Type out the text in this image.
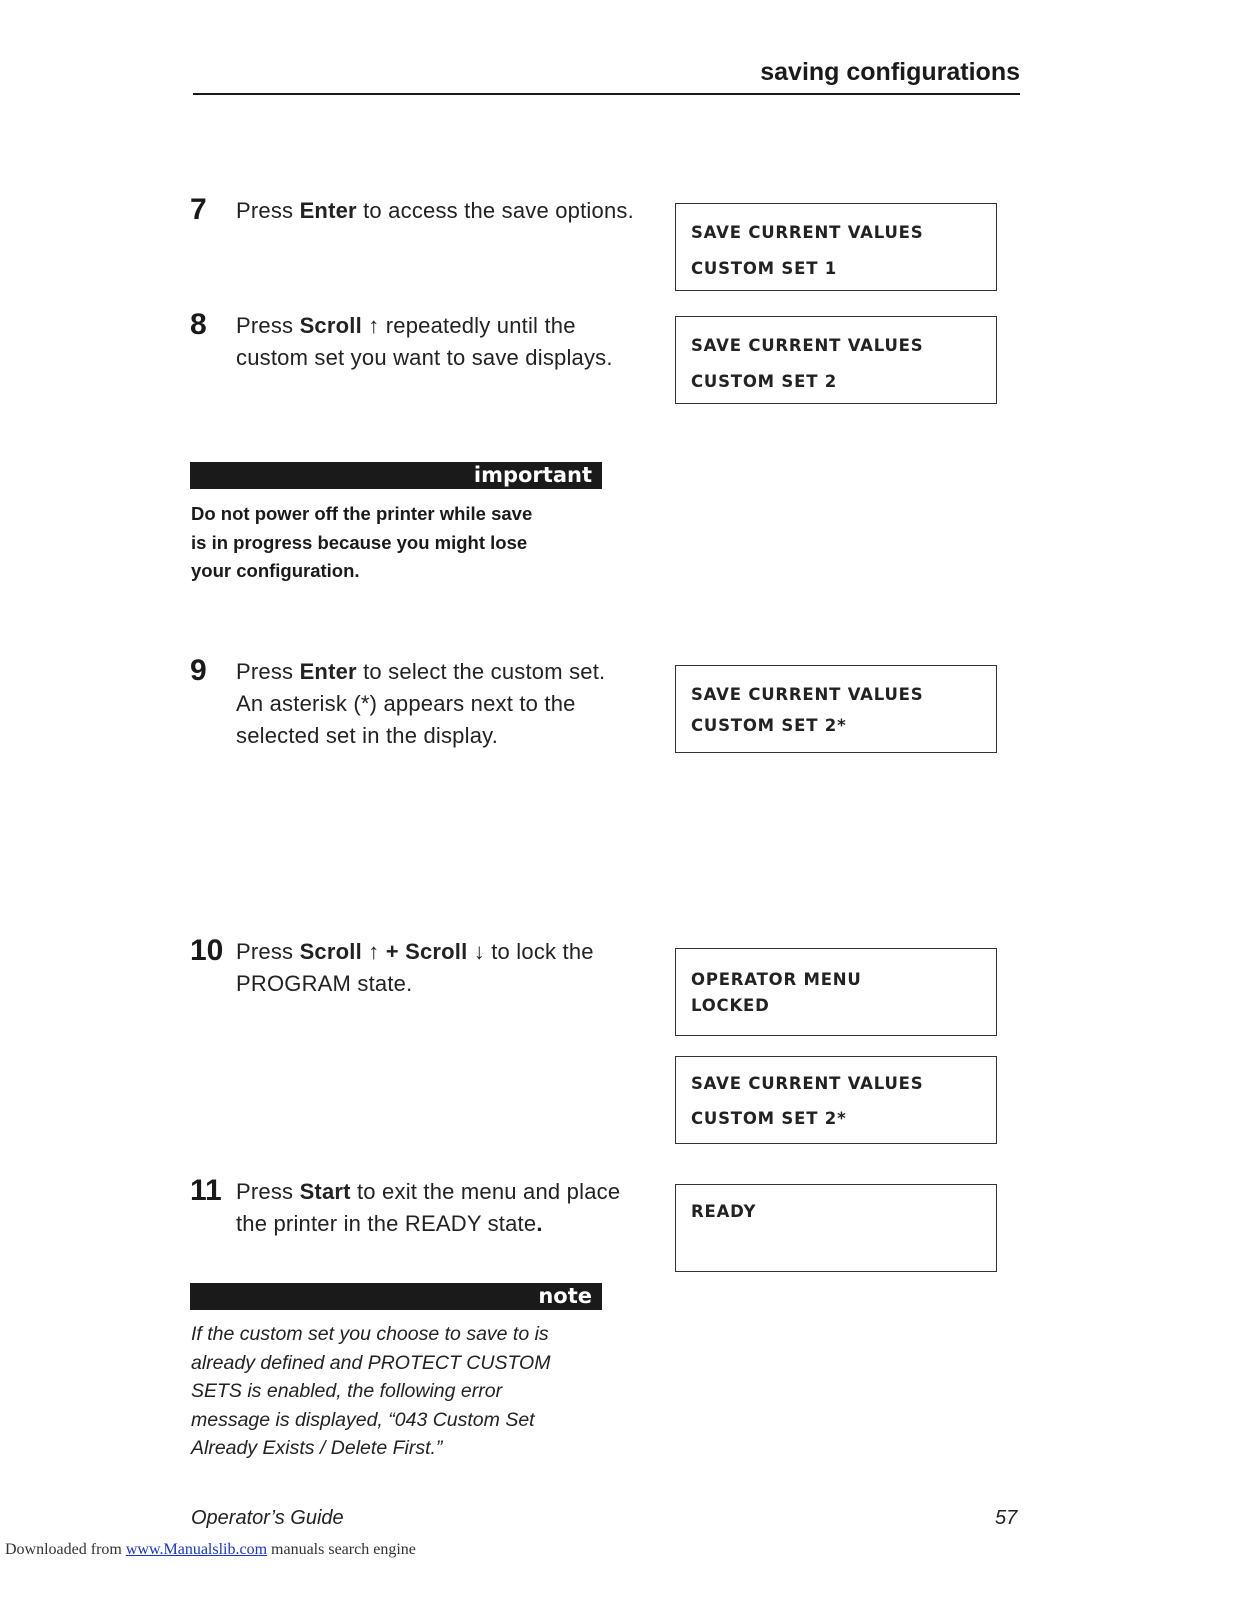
saving configurations
7 Press Enter to access the save options.
8 Press Scroll ↑ repeatedly until the
custom set you want to save displays.
SAVE CURRENT VALUES
CUSTOM SET 1
SAVE CURRENT VALUES
CUSTOM SET 2
important
Do not power off the printer while save
is in progress because you might lose
your configuration.
9 Press Enter to select the custom set.
An asterisk (*) appears next to the
selected set in the display.
SAVE CURRENT VALUES
CUSTOM SET 2*
10 Press Scroll ↑ + Scroll ↓ to lock the
PROGRAM state.	OPERATOR MENU
LOCKED
SAVE CURRENT VALUES
CUSTOM SET 2*
11 Press Start to exit the menu and place
the printer in the READY state.	READY
note
If the custom set you choose to save to is
already defined and PROTECT CUSTOM
SETS is enabled, the following error
message is displayed, “043 Custom Set
Already Exists / Delete First.”
Operator’s Guide	57
Downloaded from www.Manualslib.com manuals search engine
